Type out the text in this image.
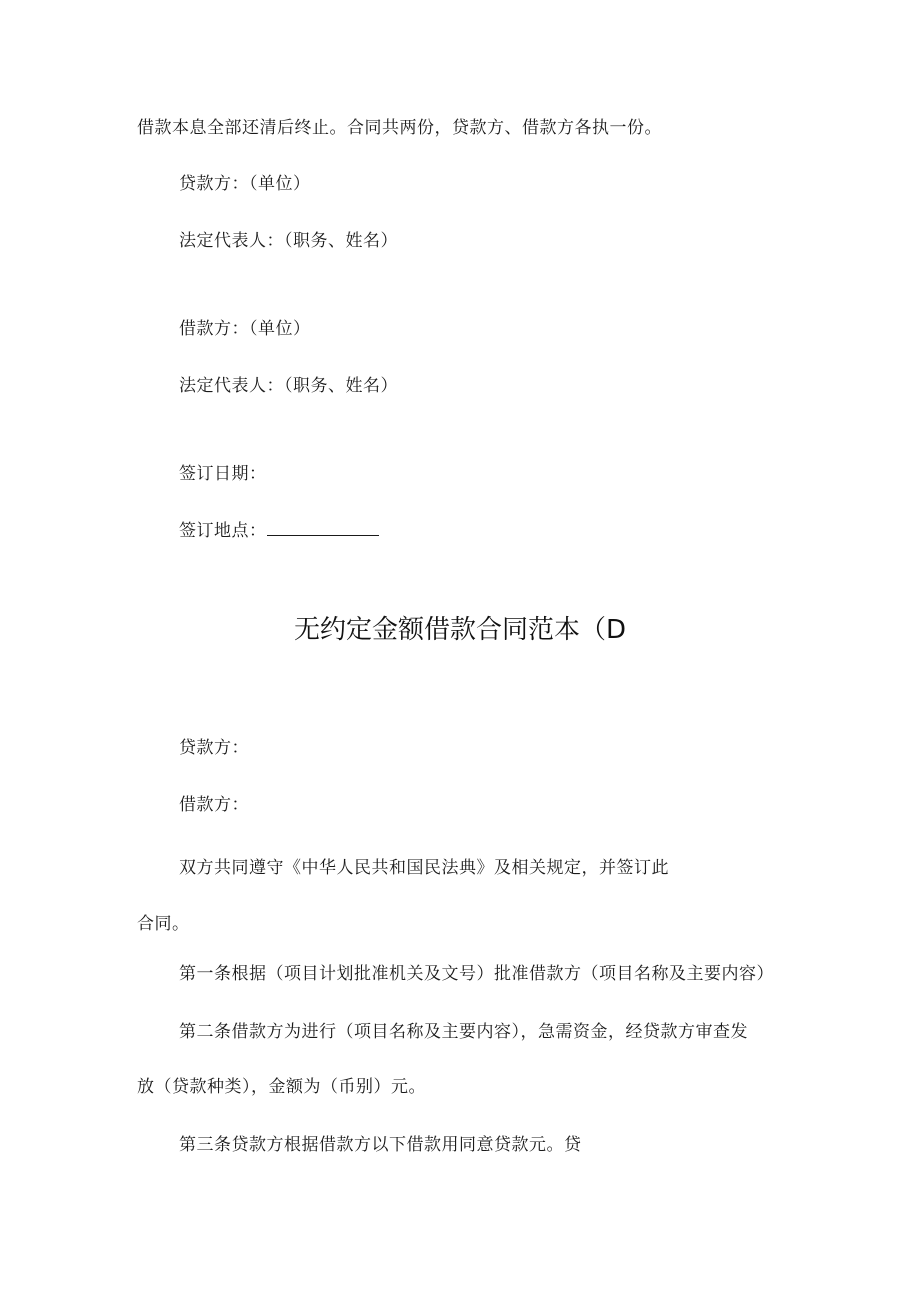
借款本息全部还清后终止。合同共两份，贷款方、借款方各执一份。
贷款方：（单位）
法定代表人：（职务、姓名）
借款方：（单位）
法定代表人：（职务、姓名）
签订日期：
签订地点：
无约定金额借款合同范本（D
贷款方：
借款方：
双方共同遵守《中华人民共和国民法典》及相关规定，并签订此
合同。
第一条根据（项目计划批准机关及文号）批准借款方（项目名称及主要内容）
第二条借款方为进行（项目名称及主要内容），急需资金，经贷款方审查发
放（贷款种类），金额为（币别）元。
第三条贷款方根据借款方以下借款用同意贷款元。贷
